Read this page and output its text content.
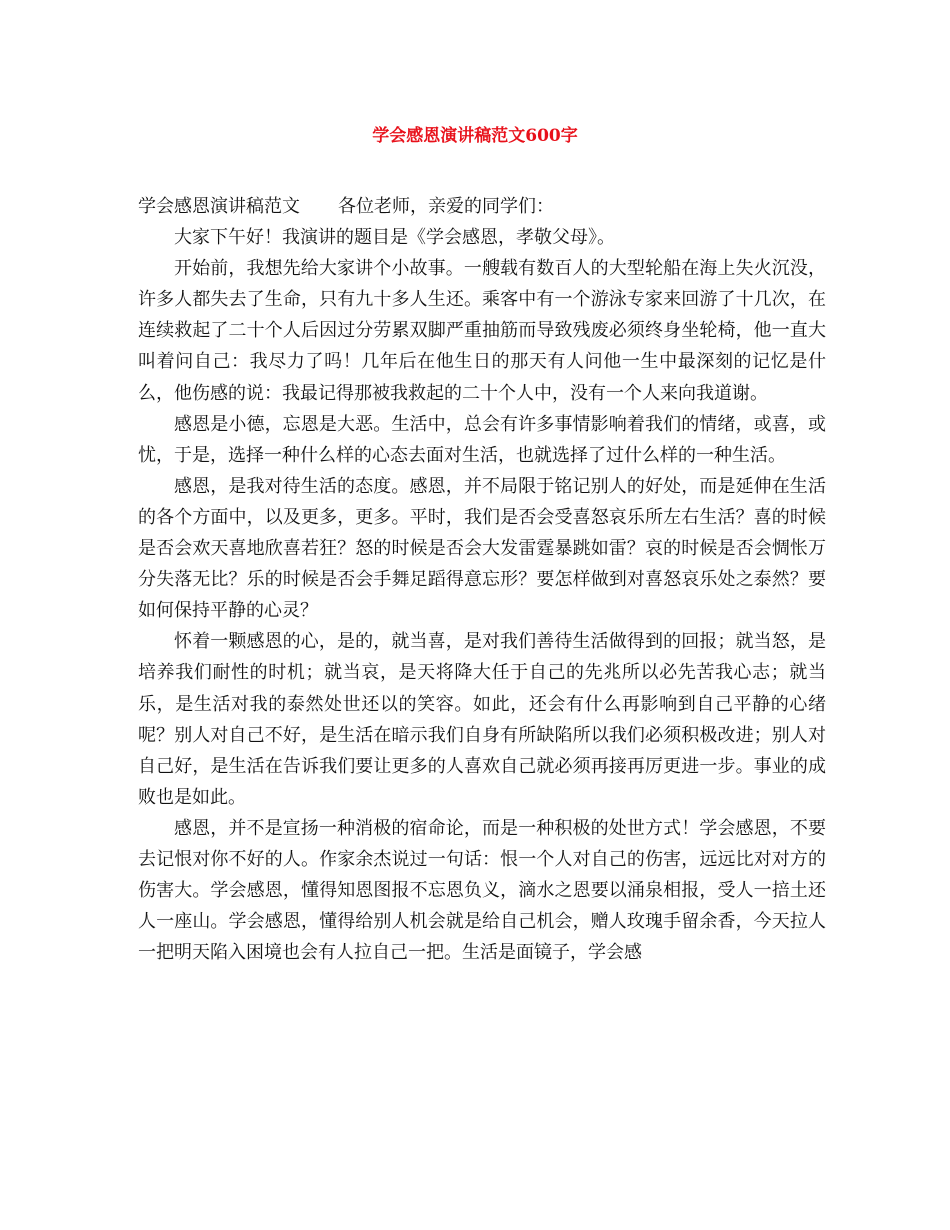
学会感恩演讲稿范文600字

学会感恩演讲稿范文 各位老师，亲爱的同学们：

大家下午好！我演讲的题目是《学会感恩，孝敬父母》。

开始前，我想先给大家讲个小故事。一艘载有数百人的大型轮船在海上失火沉没，许多人都失去了生命，只有九十多人生还。乘客中有一个游泳专家来回游了十几次，在连续救起了二十个人后因过分劳累双脚严重抽筋而导致残废必须终身坐轮椅，他一直大叫着问自己：我尽力了吗！几年后在他生日的那天有人问他一生中最深刻的记忆是什么，他伤感的说：我最记得那被我救起的二十个人中，没有一个人来向我道谢。

感恩是小德，忘恩是大恶。生活中，总会有许多事情影响着我们的情绪，或喜，或忧，于是，选择一种什么样的心态去面对生活，也就选择了过什么样的一种生活。

感恩，是我对待生活的态度。感恩，并不局限于铭记别人的好处，而是延伸在生活的各个方面中，以及更多，更多。平时，我们是否会受喜怒哀乐所左右生活？喜的时候是否会欢天喜地欣喜若狂？怒的时候是否会大发雷霆暴跳如雷？哀的时候是否会惆怅万分失落无比？乐的时候是否会手舞足蹈得意忘形？要怎样做到对喜怒哀乐处之泰然？要如何保持平静的心灵？

怀着一颗感恩的心，是的，就当喜，是对我们善待生活做得到的回报；就当怒，是培养我们耐性的时机；就当哀，是天将降大任于自己的先兆所以必先苦我心志；就当乐，是生活对我的泰然处世还以的笑容。如此，还会有什么再影响到自己平静的心绪呢？别人对自己不好，是生活在暗示我们自身有所缺陷所以我们必须积极改进；别人对自己好，是生活在告诉我们要让更多的人喜欢自己就必须再接再厉更进一步。事业的成败也是如此。

感恩，并不是宣扬一种消极的宿命论，而是一种积极的处世方式！学会感恩，不要去记恨对你不好的人。作家余杰说过一句话：恨一个人对自己的伤害，远远比对对方的伤害大。学会感恩，懂得知恩图报不忘恩负义，滴水之恩要以涌泉相报，受人一掊土还人一座山。学会感恩，懂得给别人机会就是给自己机会，赠人玫瑰手留余香，今天拉人一把明天陷入困境也会有人拉自己一把。生活是面镜子，学会感
